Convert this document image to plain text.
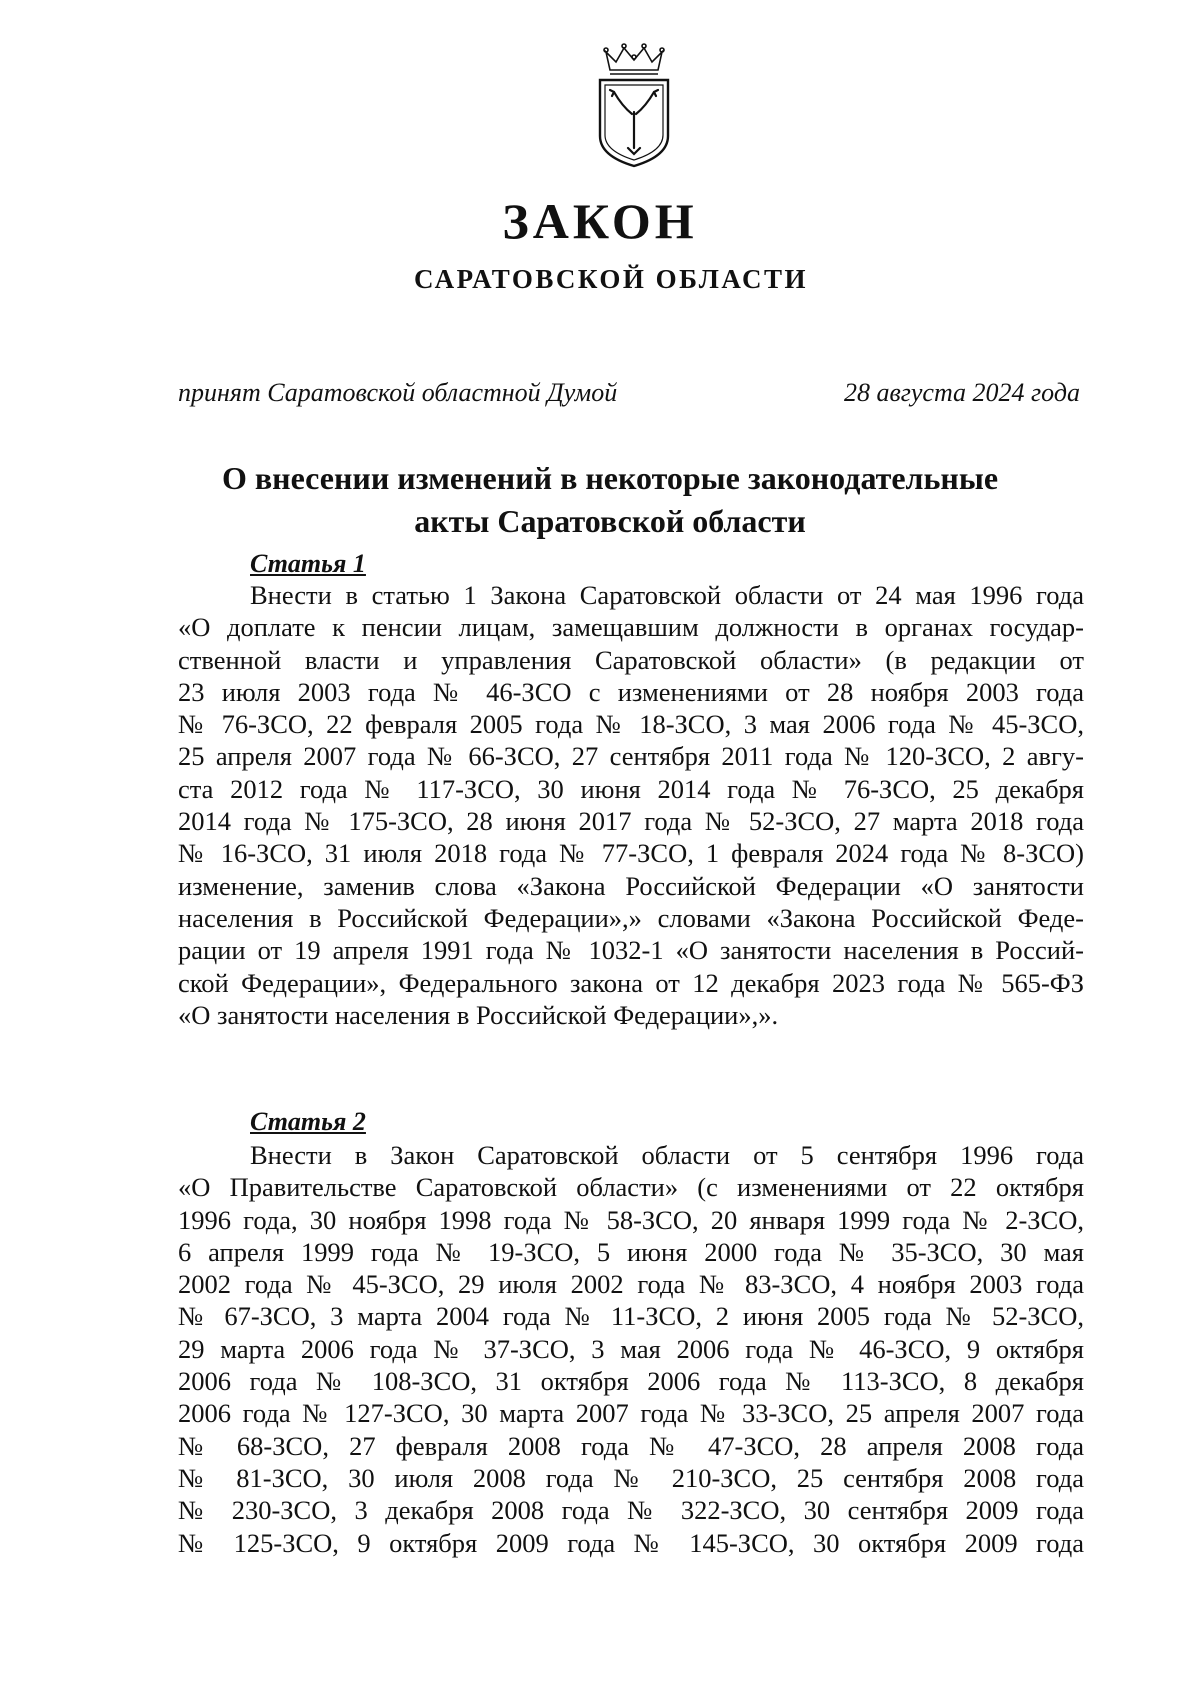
ЗАКОН
САРАТОВСКОЙ ОБЛАСТИ
принят Саратовской областной Думой	28 августа 2024 года
О внесении изменений в некоторые законодательные
акты Саратовской области
Статья 1
Внести в статью 1 Закона Саратовской области от 24 мая 1996 года
«О доплате к пенсии лицам, замещавшим должности в органах государ-
ственной власти и управления Саратовской области» (в редакции от
23 июля 2003 года № 46-ЗСО с изменениями от 28 ноября 2003 года
№ 76-ЗСО, 22 февраля 2005 года № 18-ЗСО, 3 мая 2006 года № 45-ЗСО,
25 апреля 2007 года № 66-ЗСО, 27 сентября 2011 года № 120-ЗСО, 2 авгу-
ста 2012 года № 117-ЗСО, 30 июня 2014 года № 76-ЗСО, 25 декабря
2014 года № 175-ЗСО, 28 июня 2017 года № 52-ЗСО, 27 марта 2018 года
№ 16-ЗСО, 31 июля 2018 года № 77-ЗСО, 1 февраля 2024 года № 8-ЗСО)
изменение, заменив слова «Закона Российской Федерации «О занятости
населения в Российской Федерации»,» словами «Закона Российской Феде-
рации от 19 апреля 1991 года № 1032-1 «О занятости населения в Россий-
ской Федерации», Федерального закона от 12 декабря 2023 года № 565-ФЗ
«О занятости населения в Российской Федерации»,».
Статья 2
Внести в Закон Саратовской области от 5 сентября 1996 года
«О Правительстве Саратовской области» (с изменениями от 22 октября
1996 года, 30 ноября 1998 года № 58-ЗСО, 20 января 1999 года № 2-ЗСО,
6 апреля 1999 года № 19-ЗСО, 5 июня 2000 года № 35-ЗСО, 30 мая
2002 года № 45-ЗСО, 29 июля 2002 года № 83-ЗСО, 4 ноября 2003 года
№ 67-ЗСО, 3 марта 2004 года № 11-ЗСО, 2 июня 2005 года № 52-ЗСО,
29 марта 2006 года № 37-ЗСО, 3 мая 2006 года № 46-ЗСО, 9 октября
2006 года № 108-ЗСО, 31 октября 2006 года № 113-ЗСО, 8 декабря
2006 года № 127-ЗСО, 30 марта 2007 года № 33-ЗСО, 25 апреля 2007 года
№ 68-ЗСО, 27 февраля 2008 года № 47-ЗСО, 28 апреля 2008 года
№ 81-ЗСО, 30 июля 2008 года № 210-ЗСО, 25 сентября 2008 года
№ 230-ЗСО, 3 декабря 2008 года № 322-ЗСО, 30 сентября 2009 года
№ 125-ЗСО, 9 октября 2009 года № 145-ЗСО, 30 октября 2009 года
